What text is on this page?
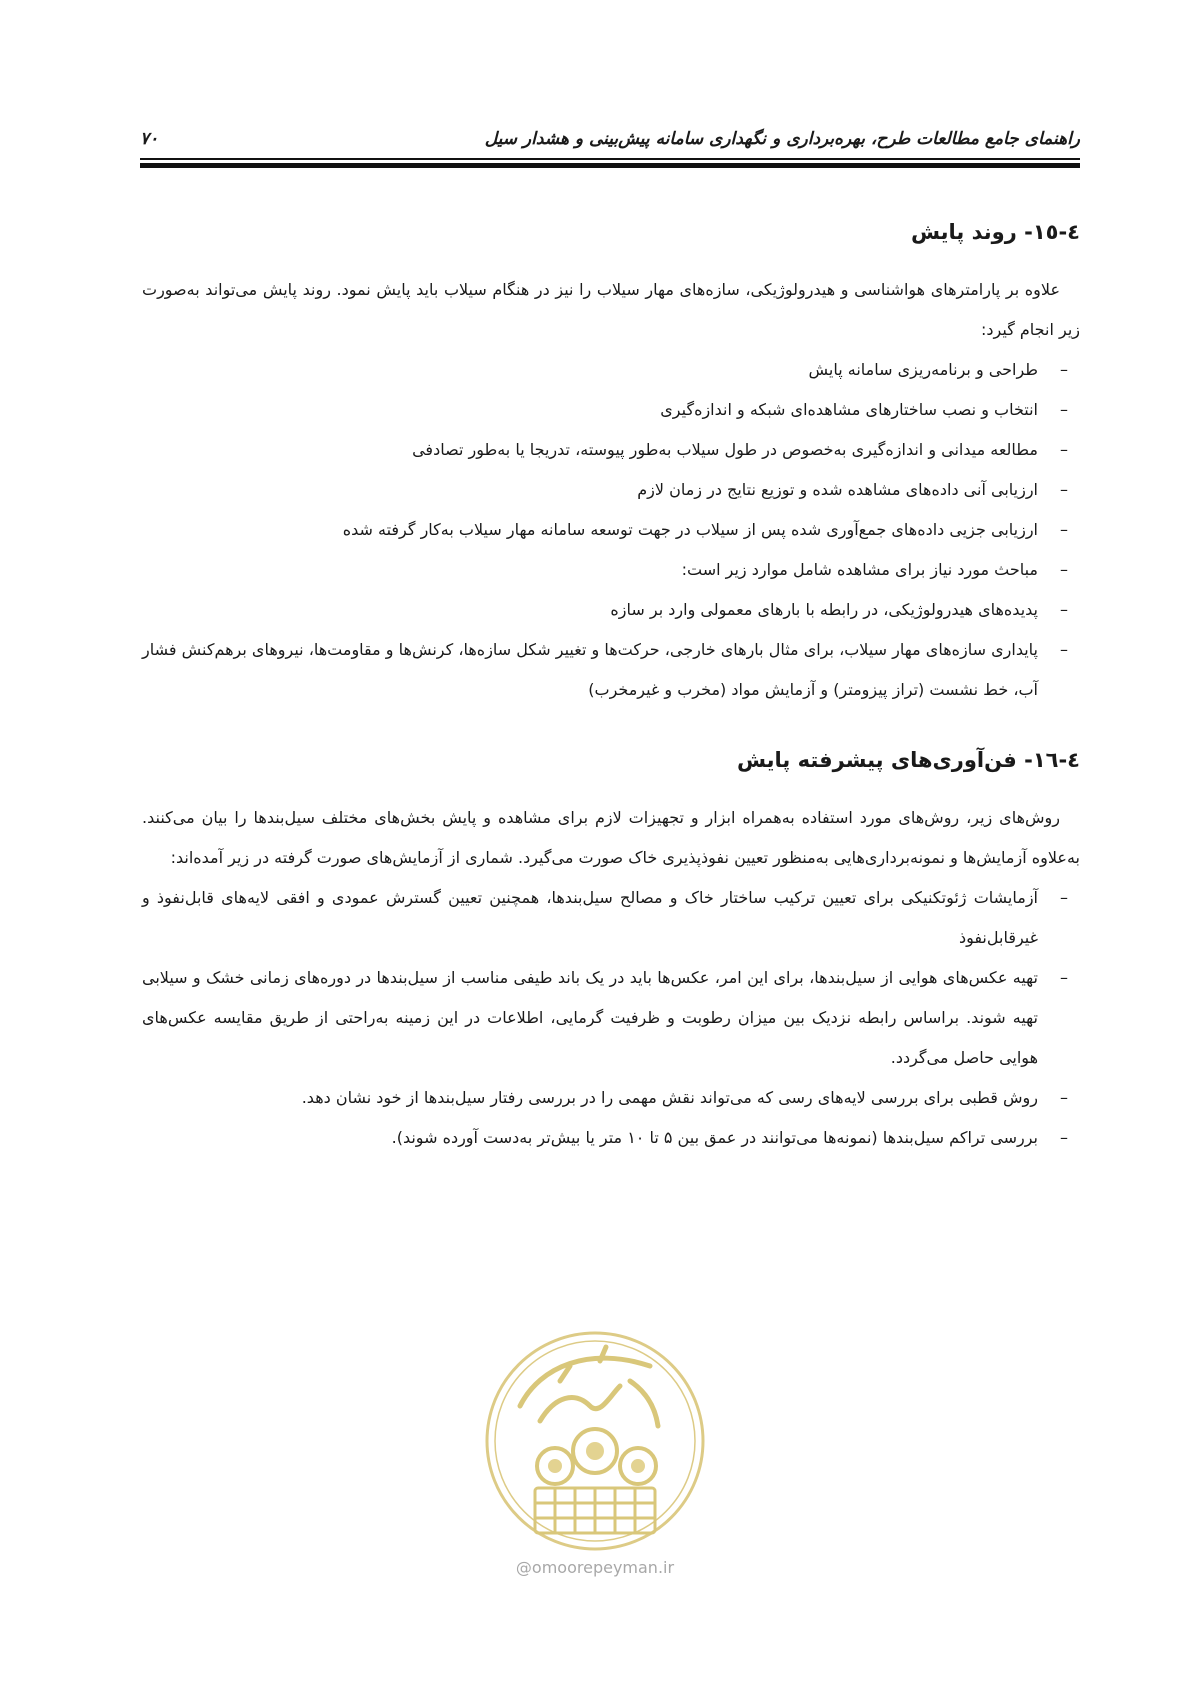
راهنمای جامع مطالعات طرح، بهره‌برداری و نگهداری سامانه پیش‌بینی و هشدار سیل
۷۰
٤-١٥- روند پایش

علاوه بر پارامترهای هواشناسی و هیدرولوژیکی، سازه‌های مهار سیلاب را نیز در هنگام سیلاب باید پایش نمود. روند پایش می‌تواند به‌صورت زیر انجام گیرد:

–
طراحی و برنامه‌ریزی سامانه پایش
–
انتخاب و نصب ساختارهای مشاهده‌ای شبکه و اندازه‌گیری
–
مطالعه میدانی و اندازه‌گیری به‌خصوص در طول سیلاب به‌طور پیوسته، تدریجا یا به‌طور تصادفی
–
ارزیابی آنی داده‌های مشاهده شده و توزیع نتایج در زمان لازم
–
ارزیابی جزیی داده‌های جمع‌آوری شده پس از سیلاب در جهت توسعه سامانه مهار سیلاب به‌کار گرفته شده
–
مباحث مورد نیاز برای مشاهده شامل موارد زیر است:
–
پدیده‌های هیدرولوژیکی، در رابطه با بارهای معمولی وارد بر سازه
–
پایداری سازه‌های مهار سیلاب، برای مثال بارهای خارجی، حرکت‌ها و تغییر شکل سازه‌ها، کرنش‌ها و مقاومت‌ها، نیروهای برهم‌کنش فشار آب، خط نشست (تراز پیزومتر) و آزمایش مواد (مخرب و غیرمخرب)
٤-١٦- فن‌آوری‌های پیشرفته پایش

روش‌های زیر، روش‌های مورد استفاده به‌همراه ابزار و تجهیزات لازم برای مشاهده و پایش بخش‌های مختلف سیل‌بندها را بیان می‌کنند. به‌علاوه آزمایش‌ها و نمونه‌برداری‌هایی به‌منظور تعیین نفوذپذیری خاک صورت می‌گیرد. شماری از آزمایش‌های صورت گرفته در زیر آمده‌اند:

–
آزمایشات ژئوتکنیکی برای تعیین ترکیب ساختار خاک و مصالح سیل‌بندها، همچنین تعیین گسترش عمودی و افقی لایه‌های قابل‌نفوذ و غیرقابل‌نفوذ
–
تهیه عکس‌های هوایی از سیل‌بندها، برای این امر، عکس‌ها باید در یک باند طیفی مناسب از سیل‌بندها در دوره‌های زمانی خشک و سیلابی تهیه شوند. براساس رابطه نزدیک بین میزان رطوبت و ظرفیت گرمایی، اطلاعات در این زمینه به‌راحتی از طریق مقایسه عکس‌های هوایی حاصل می‌گردد.
–
روش قطبی برای بررسی لایه‌های رسی که می‌تواند نقش مهمی را در بررسی رفتار سیل‌بندها از خود نشان دهد.
–
بررسی تراکم سیل‌بندها (نمونه‌ها می‌توانند در عمق بین ۵ تا ۱۰ متر یا بیش‌تر به‌دست آورده شوند).
@omoorepeyman.ir
